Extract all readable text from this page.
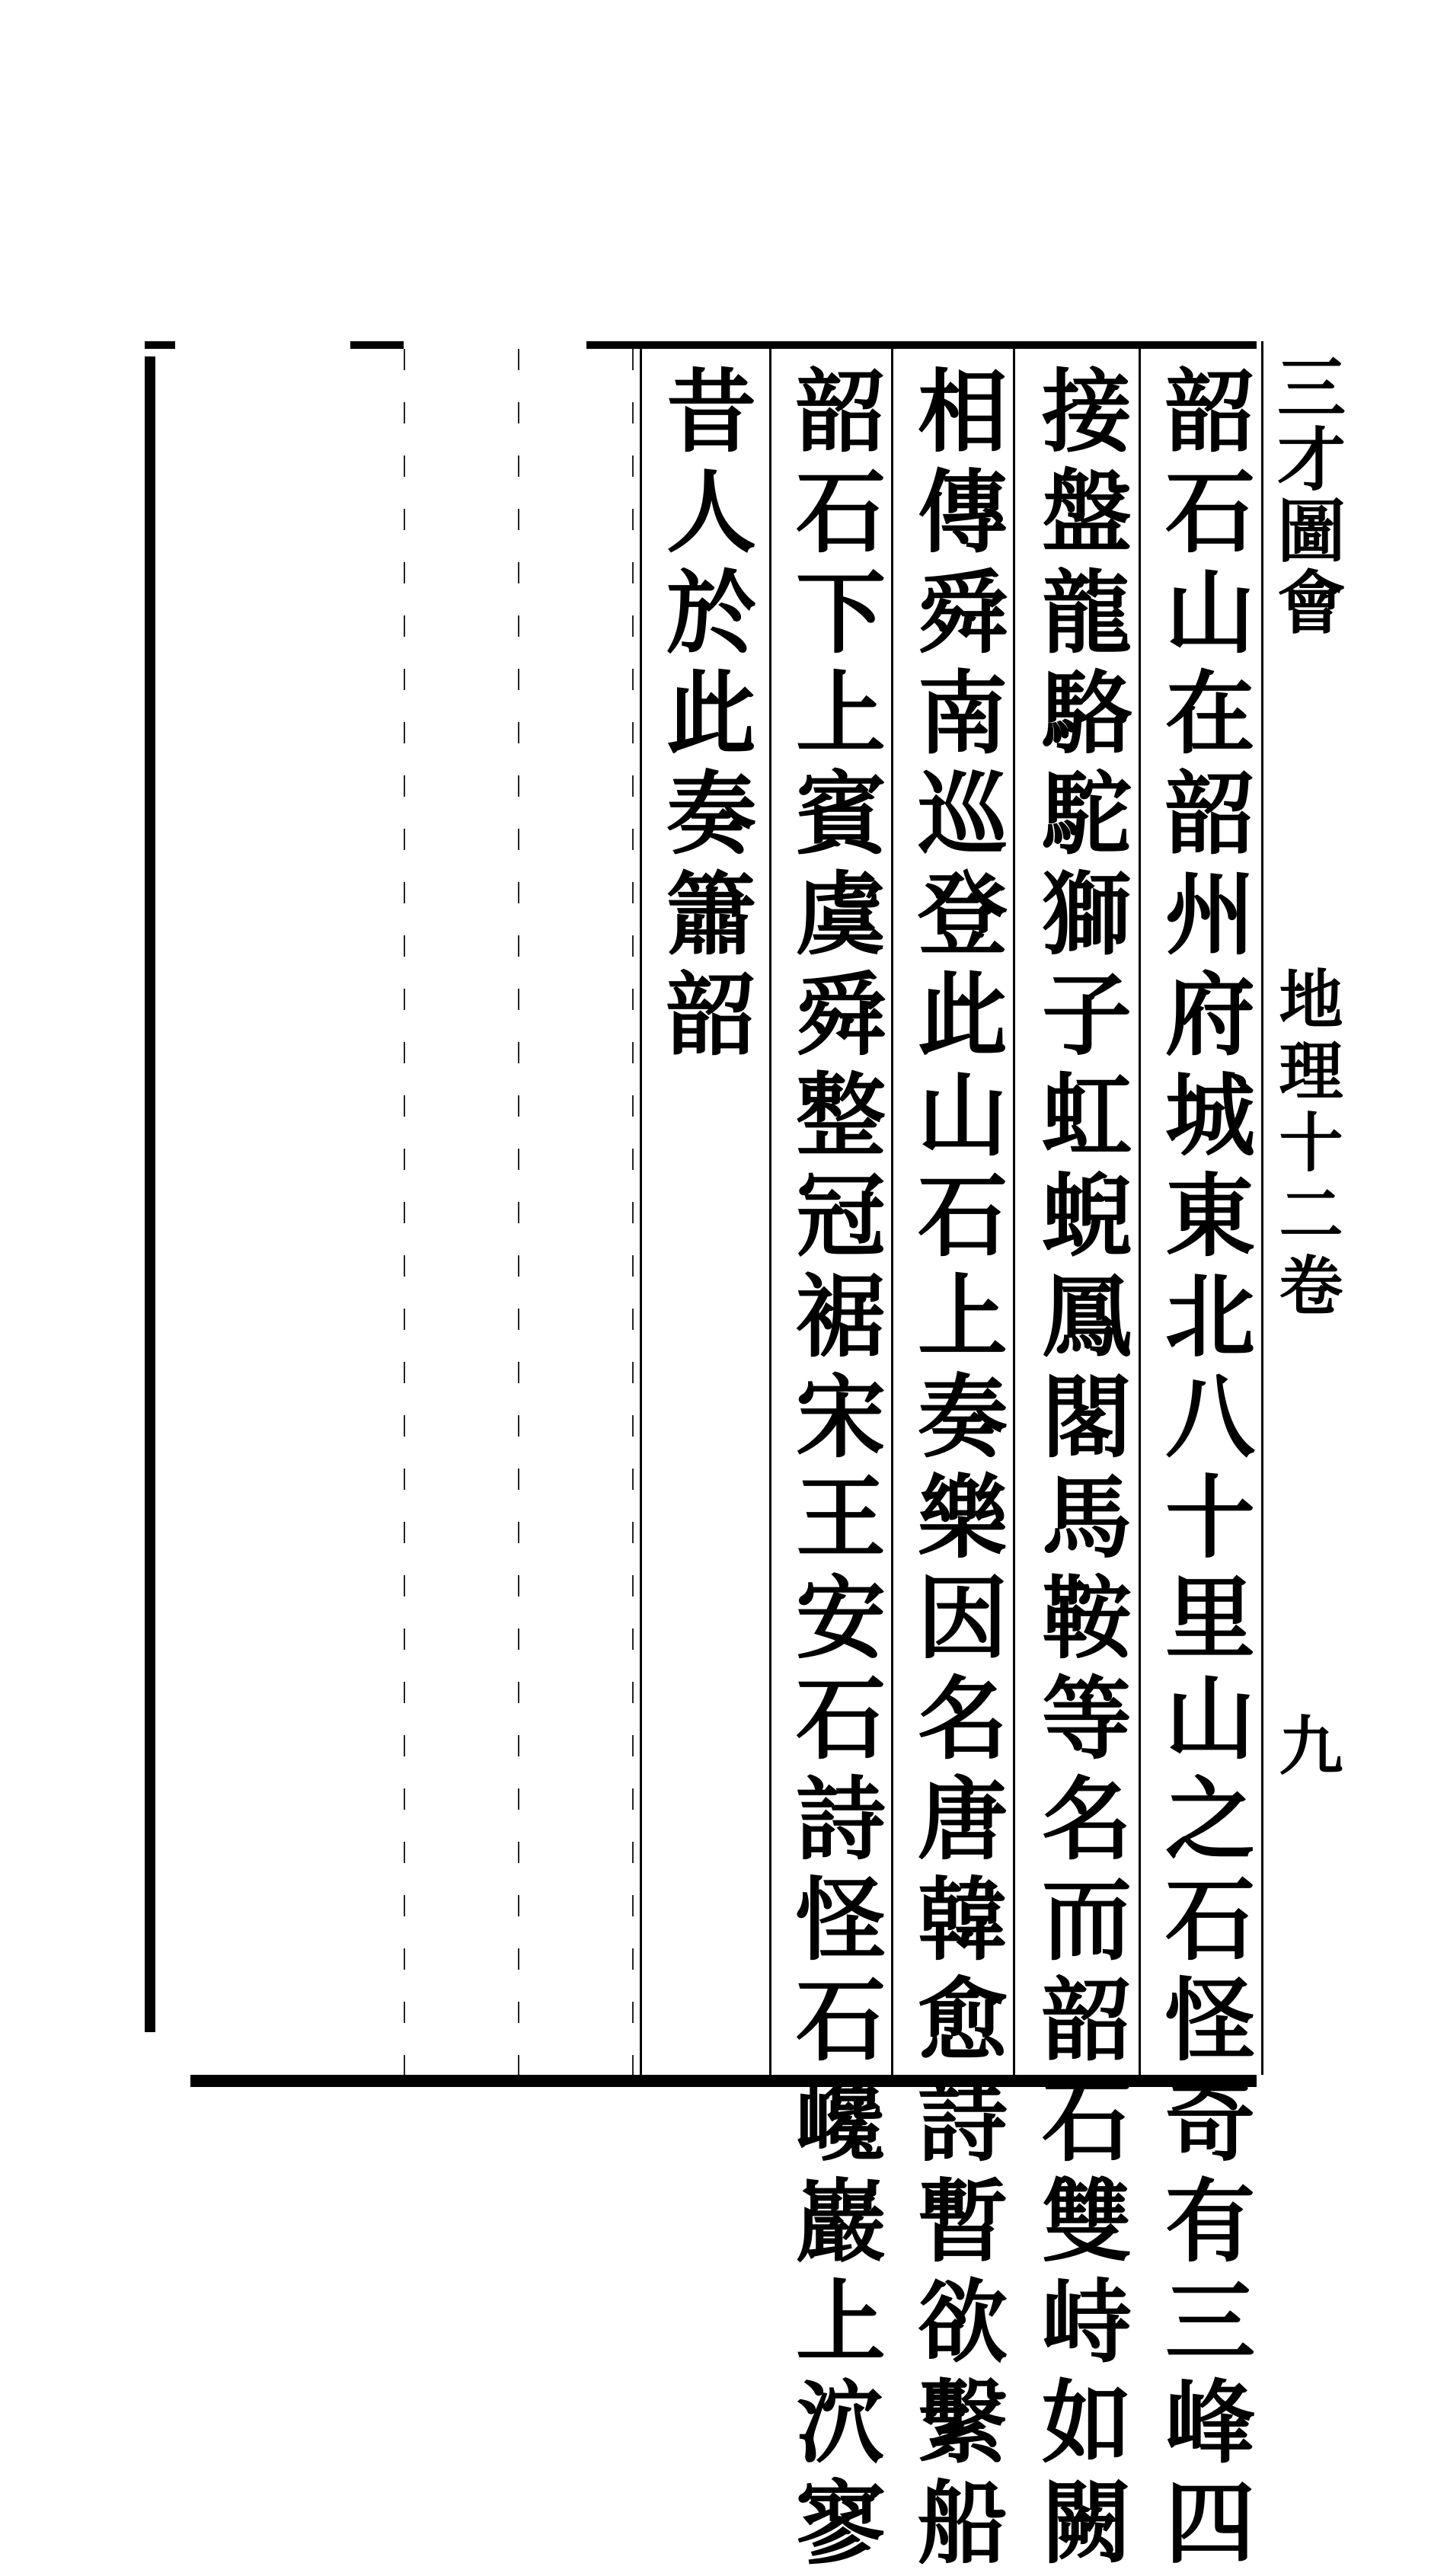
韶石山在韶州府城東北八十里山之石怪奇有三峰四
接盤龍駱駝獅子虹蜺鳳閣馬鞍等名而韶石雙峙如闕
相傳舜南巡登此山石上奏樂因名唐韓愈詩暫欲繫船
韶石下上賓虞舜整冠裾宋王安石詩怪石巉巖上泬寥
昔人於此奏簫韶	三才圖會
地理十二卷
九
